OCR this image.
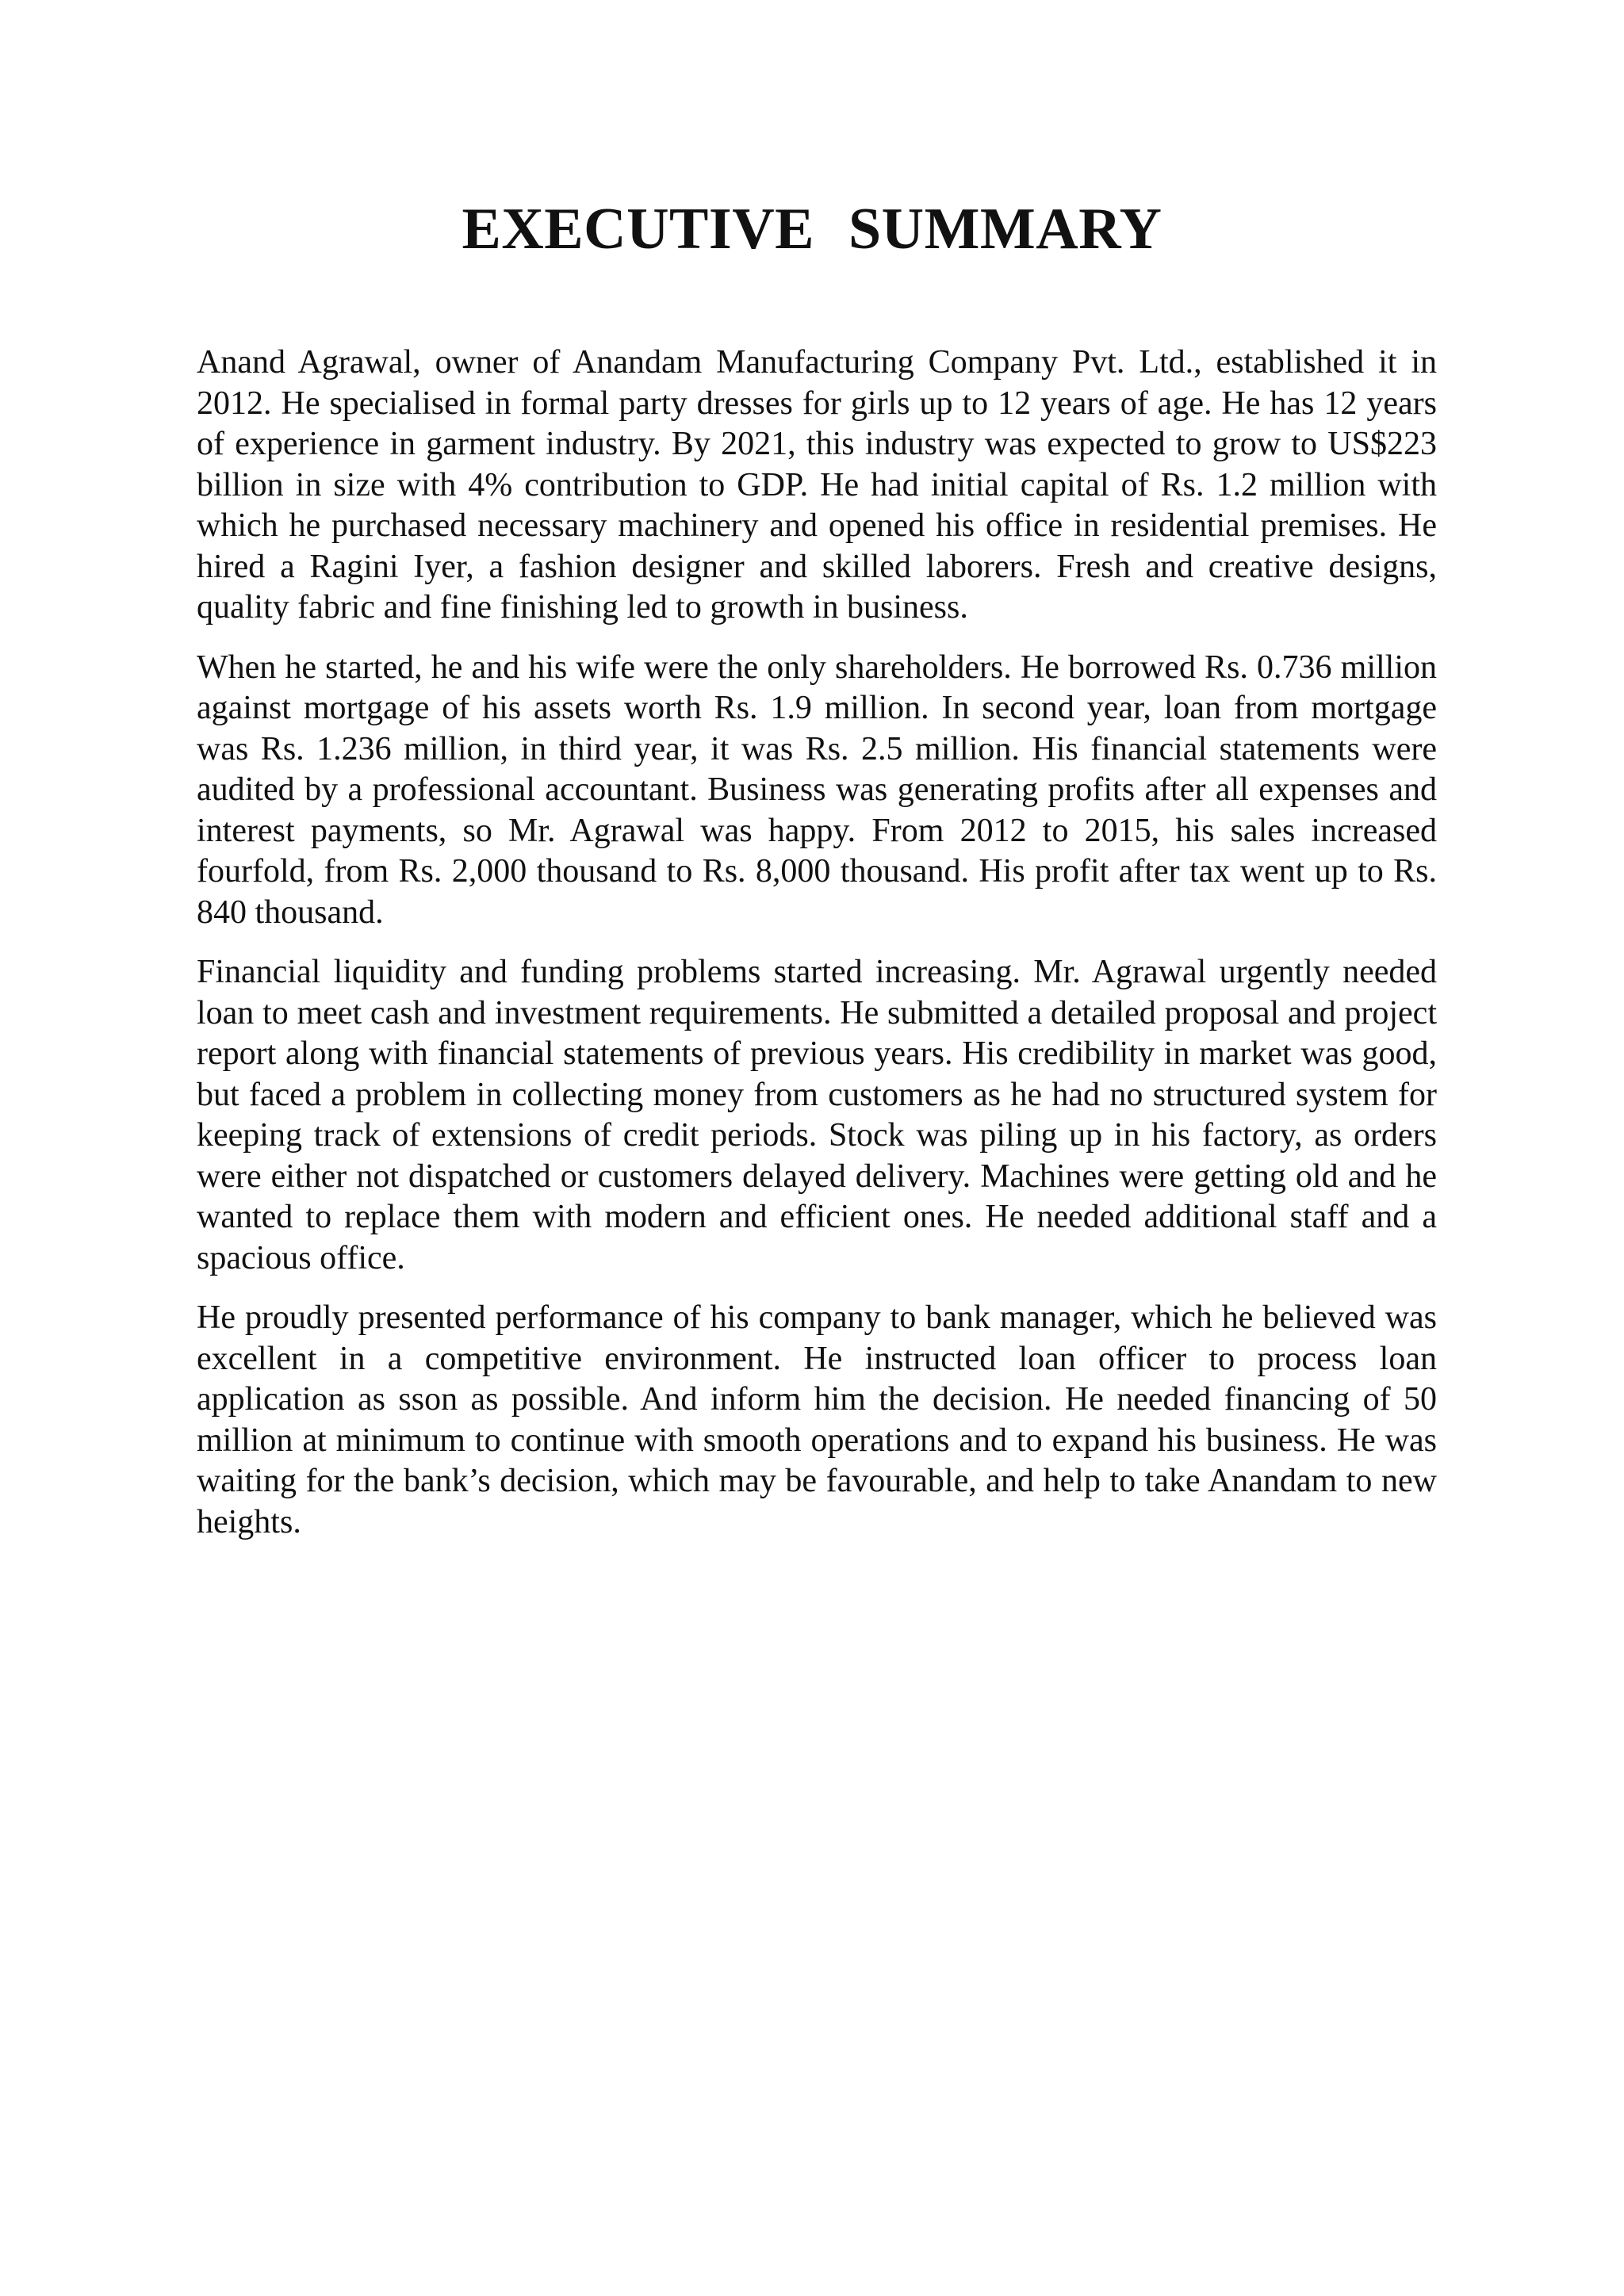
EXECUTIVE SUMMARY

Anand Agrawal, owner of Anandam Manufacturing Company Pvt. Ltd., established it in 2012. He specialised in formal party dresses for girls up to 12 years of age. He has 12 years of experience in garment industry. By 2021, this industry was expected to grow to US$223 billion in size with 4% contribution to GDP. He had initial capital of Rs. 1.2 million with which he purchased necessary machinery and opened his office in residential premises. He hired a Ragini Iyer, a fashion designer and skilled laborers. Fresh and creative designs, quality fabric and fine finishing led to growth in business.

When he started, he and his wife were the only shareholders. He borrowed Rs. 0.736 million against mortgage of his assets worth Rs. 1.9 million. In second year, loan from mortgage was Rs. 1.236 million, in third year, it was Rs. 2.5 million. His financial statements were audited by a professional accountant. Business was generating profits after all expenses and interest payments, so Mr. Agrawal was happy. From 2012 to 2015, his sales increased fourfold, from Rs. 2,000 thousand to Rs. 8,000 thousand. His profit after tax went up to Rs. 840 thousand.

Financial liquidity and funding problems started increasing. Mr. Agrawal urgently needed loan to meet cash and investment requirements. He submitted a detailed proposal and project report along with financial statements of previous years. His credibility in market was good, but faced a problem in collecting money from customers as he had no structured system for keeping track of extensions of credit periods. Stock was piling up in his factory, as orders were either not dispatched or customers delayed delivery. Machines were getting old and he wanted to replace them with modern and efficient ones. He needed additional staff and a spacious office.

He proudly presented performance of his company to bank manager, which he believed was excellent in a competitive environment. He instructed loan officer to process loan application as sson as possible. And inform him the decision. He needed financing of 50 million at minimum to continue with smooth operations and to expand his business. He was waiting for the bank’s decision, which may be favourable, and help to take Anandam to new heights.
